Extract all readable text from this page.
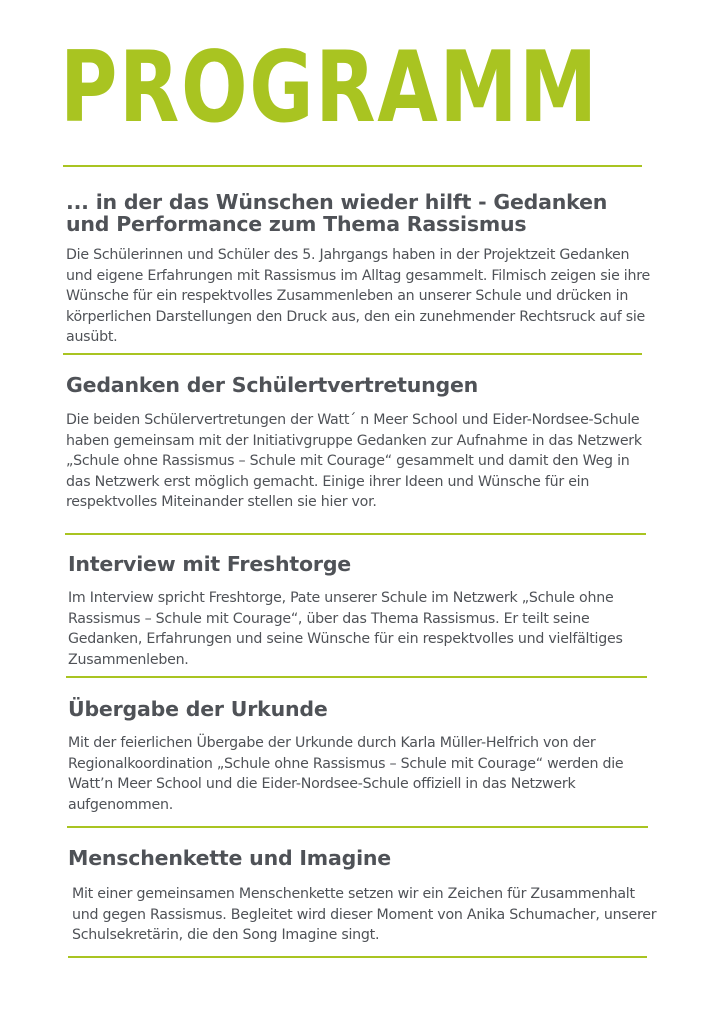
PROGRAMM
... in der das Wünschen wieder hilft - Gedanken und Performance zum Thema Rassismus

Die Schülerinnen und Schüler des 5. Jahrgangs haben in der Projektzeit Gedanken und eigene Erfahrungen mit Rassismus im Alltag gesammelt. Filmisch zeigen sie ihre Wünsche für ein respektvolles Zusammenleben an unserer Schule und drücken in körperlichen Darstellungen den Druck aus, den ein zunehmender Rechtsruck auf sie ausübt.

Gedanken der Schülertvertretungen

Die beiden Schülervertretungen der Watt´ n Meer School und Eider-Nordsee-Schule haben gemeinsam mit der Initiativgruppe Gedanken zur Aufnahme in das Netzwerk „Schule ohne Rassismus – Schule mit Courage“ gesammelt und damit den Weg in das Netzwerk erst möglich gemacht. Einige ihrer Ideen und Wünsche für ein respektvolles Miteinander stellen sie hier vor.

Interview mit Freshtorge

Im Interview spricht Freshtorge, Pate unserer Schule im Netzwerk „Schule ohne Rassismus – Schule mit Courage“, über das Thema Rassismus. Er teilt seine Gedanken, Erfahrungen und seine Wünsche für ein respektvolles und vielfältiges Zusammenleben.

Übergabe der Urkunde

Mit der feierlichen Übergabe der Urkunde durch Karla Müller-Helfrich von der Regionalkoordination „Schule ohne Rassismus – Schule mit Courage“ werden die Watt’n Meer School und die Eider-Nordsee-Schule offiziell in das Netzwerk aufgenommen.

Menschenkette und Imagine

Mit einer gemeinsamen Menschenkette setzen wir ein Zeichen für Zusammenhalt und gegen Rassismus. Begleitet wird dieser Moment von Anika Schumacher, unserer Schulsekretärin, die den Song Imagine singt.
